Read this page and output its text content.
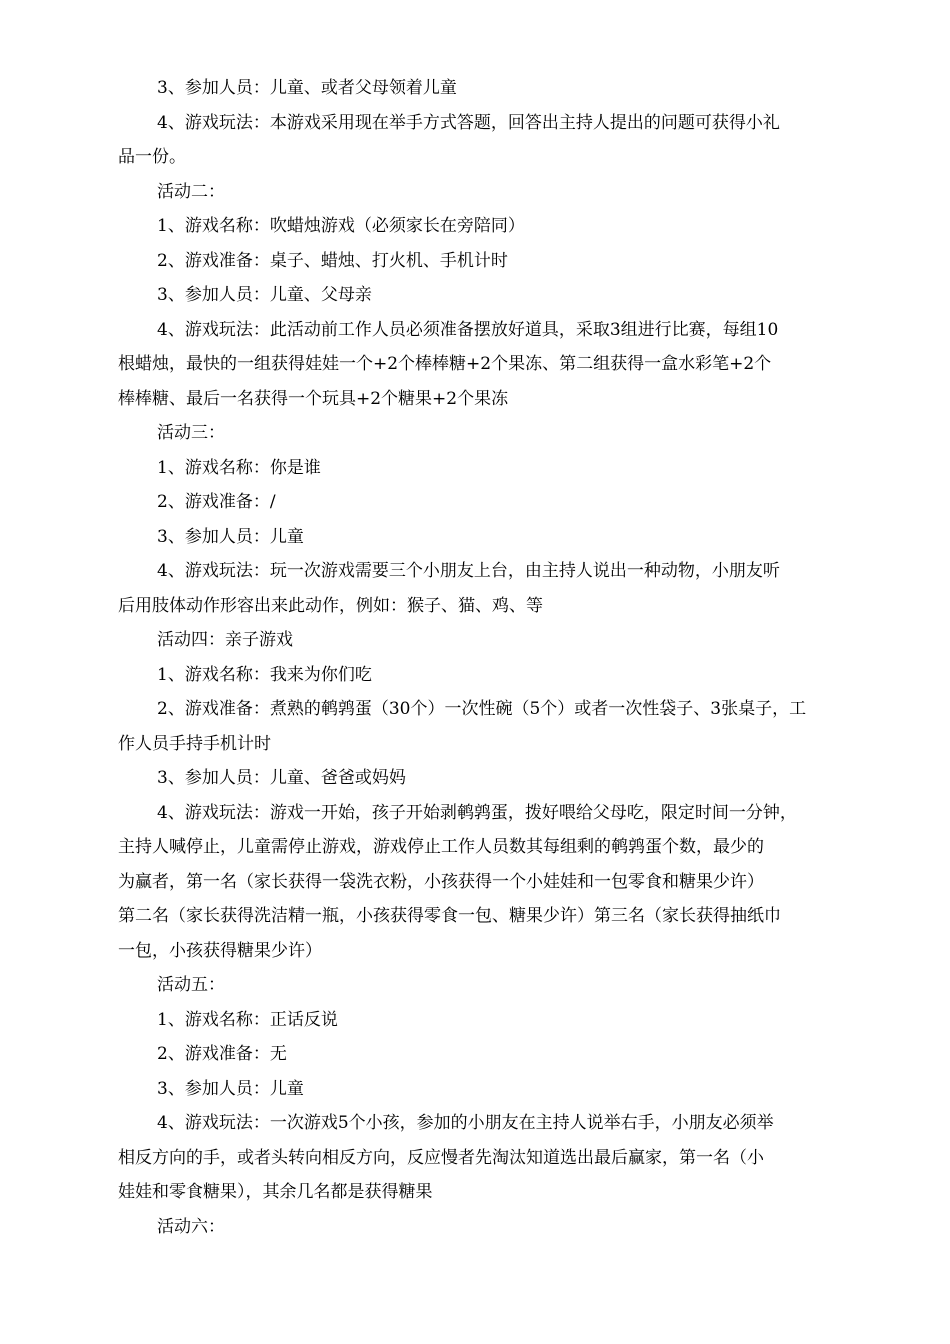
3、参加人员：儿童、或者父母领着儿童

4、游戏玩法：本游戏采用现在举手方式答题，回答出主持人提出的问题可获得小礼

品一份。

活动二：

1、游戏名称：吹蜡烛游戏（必须家长在旁陪同）

2、游戏准备：桌子、蜡烛、打火机、手机计时

3、参加人员：儿童、父母亲

4、游戏玩法：此活动前工作人员必须准备摆放好道具，采取3组进行比赛，每组10

根蜡烛，最快的一组获得娃娃一个+2个棒棒糖+2个果冻、第二组获得一盒水彩笔+2个

棒棒糖、最后一名获得一个玩具+2个糖果+2个果冻

活动三：

1、游戏名称：你是谁

2、游戏准备：/

3、参加人员：儿童

4、游戏玩法：玩一次游戏需要三个小朋友上台，由主持人说出一种动物，小朋友听

后用肢体动作形容出来此动作，例如：猴子、猫、鸡、等

活动四：亲子游戏

1、游戏名称：我来为你们吃

2、游戏准备：煮熟的鹌鹑蛋（30个）一次性碗（5个）或者一次性袋子、3张桌子，工

作人员手持手机计时

3、参加人员：儿童、爸爸或妈妈

4、游戏玩法：游戏一开始，孩子开始剥鹌鹑蛋，拨好喂给父母吃，限定时间一分钟，

主持人喊停止，儿童需停止游戏，游戏停止工作人员数其每组剩的鹌鹑蛋个数，最少的

为赢者，第一名（家长获得一袋洗衣粉，小孩获得一个小娃娃和一包零食和糖果少许）

第二名（家长获得洗洁精一瓶，小孩获得零食一包、糖果少许）第三名（家长获得抽纸巾

一包，小孩获得糖果少许）

活动五：

1、游戏名称：正话反说

2、游戏准备：无

3、参加人员：儿童

4、游戏玩法：一次游戏5个小孩，参加的小朋友在主持人说举右手，小朋友必须举

相反方向的手，或者头转向相反方向，反应慢者先淘汰知道选出最后赢家，第一名（小

娃娃和零食糖果），其余几名都是获得糖果

活动六：
